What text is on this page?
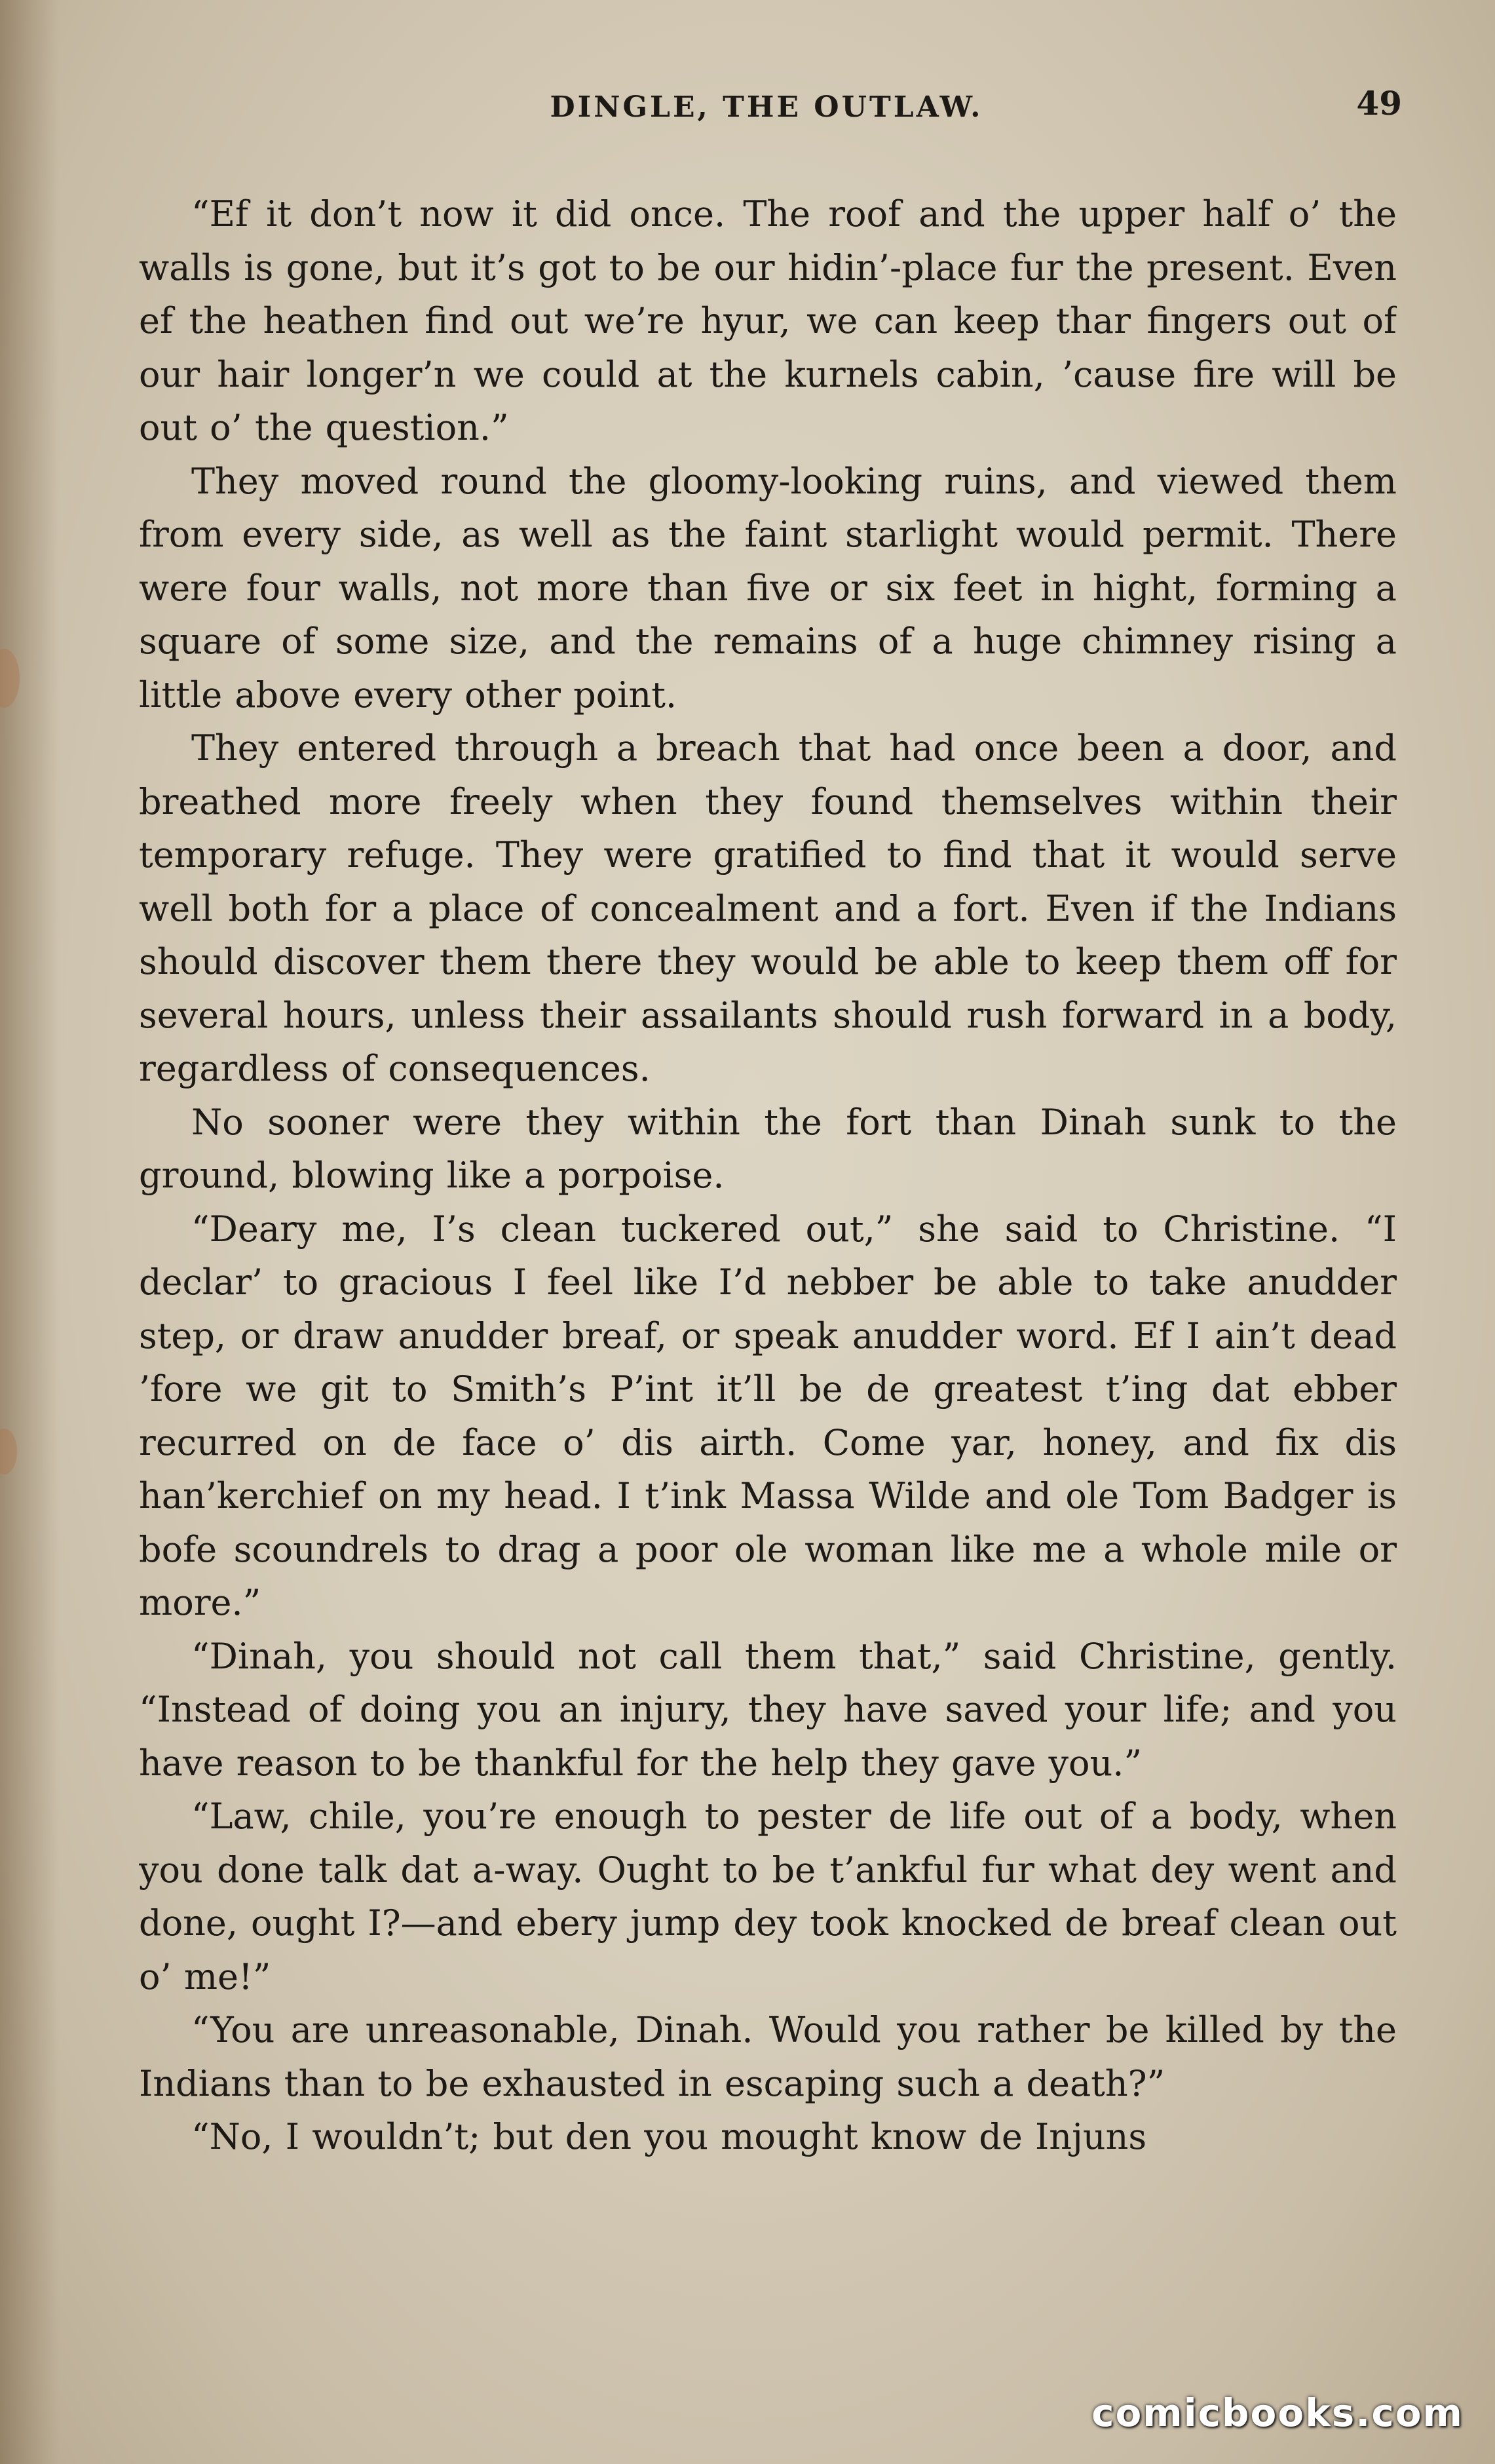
DINGLE, THE OUTLAW.	49

“Ef it don’t now it did once. The roof and the upper half o’ the walls is gone, but it’s got to be our hidin’-place fur the present. Even ef the heathen find out we’re hyur, we can keep thar fingers out of our hair longer’n we could at the kurnels cabin, ’cause fire will be out o’ the question.”

They moved round the gloomy-looking ruins, and viewed them from every side, as well as the faint starlight would permit. There were four walls, not more than five or six feet in hight, forming a square of some size, and the remains of a huge chimney rising a little above every other point.

They entered through a breach that had once been a door, and breathed more freely when they found themselves within their temporary refuge. They were gratified to find that it would serve well both for a place of concealment and a fort. Even if the Indians should discover them there they would be able to keep them off for several hours, unless their assailants should rush forward in a body, regardless of consequences.

No sooner were they within the fort than Dinah sunk to the ground, blowing like a porpoise.

“Deary me, I’s clean tuckered out,” she said to Christine. “I declar’ to gracious I feel like I’d nebber be able to take anudder step, or draw anudder breaf, or speak anudder word. Ef I ain’t dead ’fore we git to Smith’s P’int it’ll be de greatest t’ing dat ebber recurred on de face o’ dis airth. Come yar, honey, and fix dis han’kerchief on my head. I t’ink Massa Wilde and ole Tom Badger is bofe scoundrels to drag a poor ole woman like me a whole mile or more.”

“Dinah, you should not call them that,” said Christine, gently. “Instead of doing you an injury, they have saved your life; and you have reason to be thankful for the help they gave you.”

“Law, chile, you’re enough to pester de life out of a body, when you done talk dat a-way. Ought to be t’ankful fur what dey went and done, ought I?—and ebery jump dey took knocked de breaf clean out o’ me!”

“You are unreasonable, Dinah. Would you rather be killed by the Indians than to be exhausted in escaping such a death?”

“No, I wouldn’t; but den you mought know de Injuns

comicbooks.com
